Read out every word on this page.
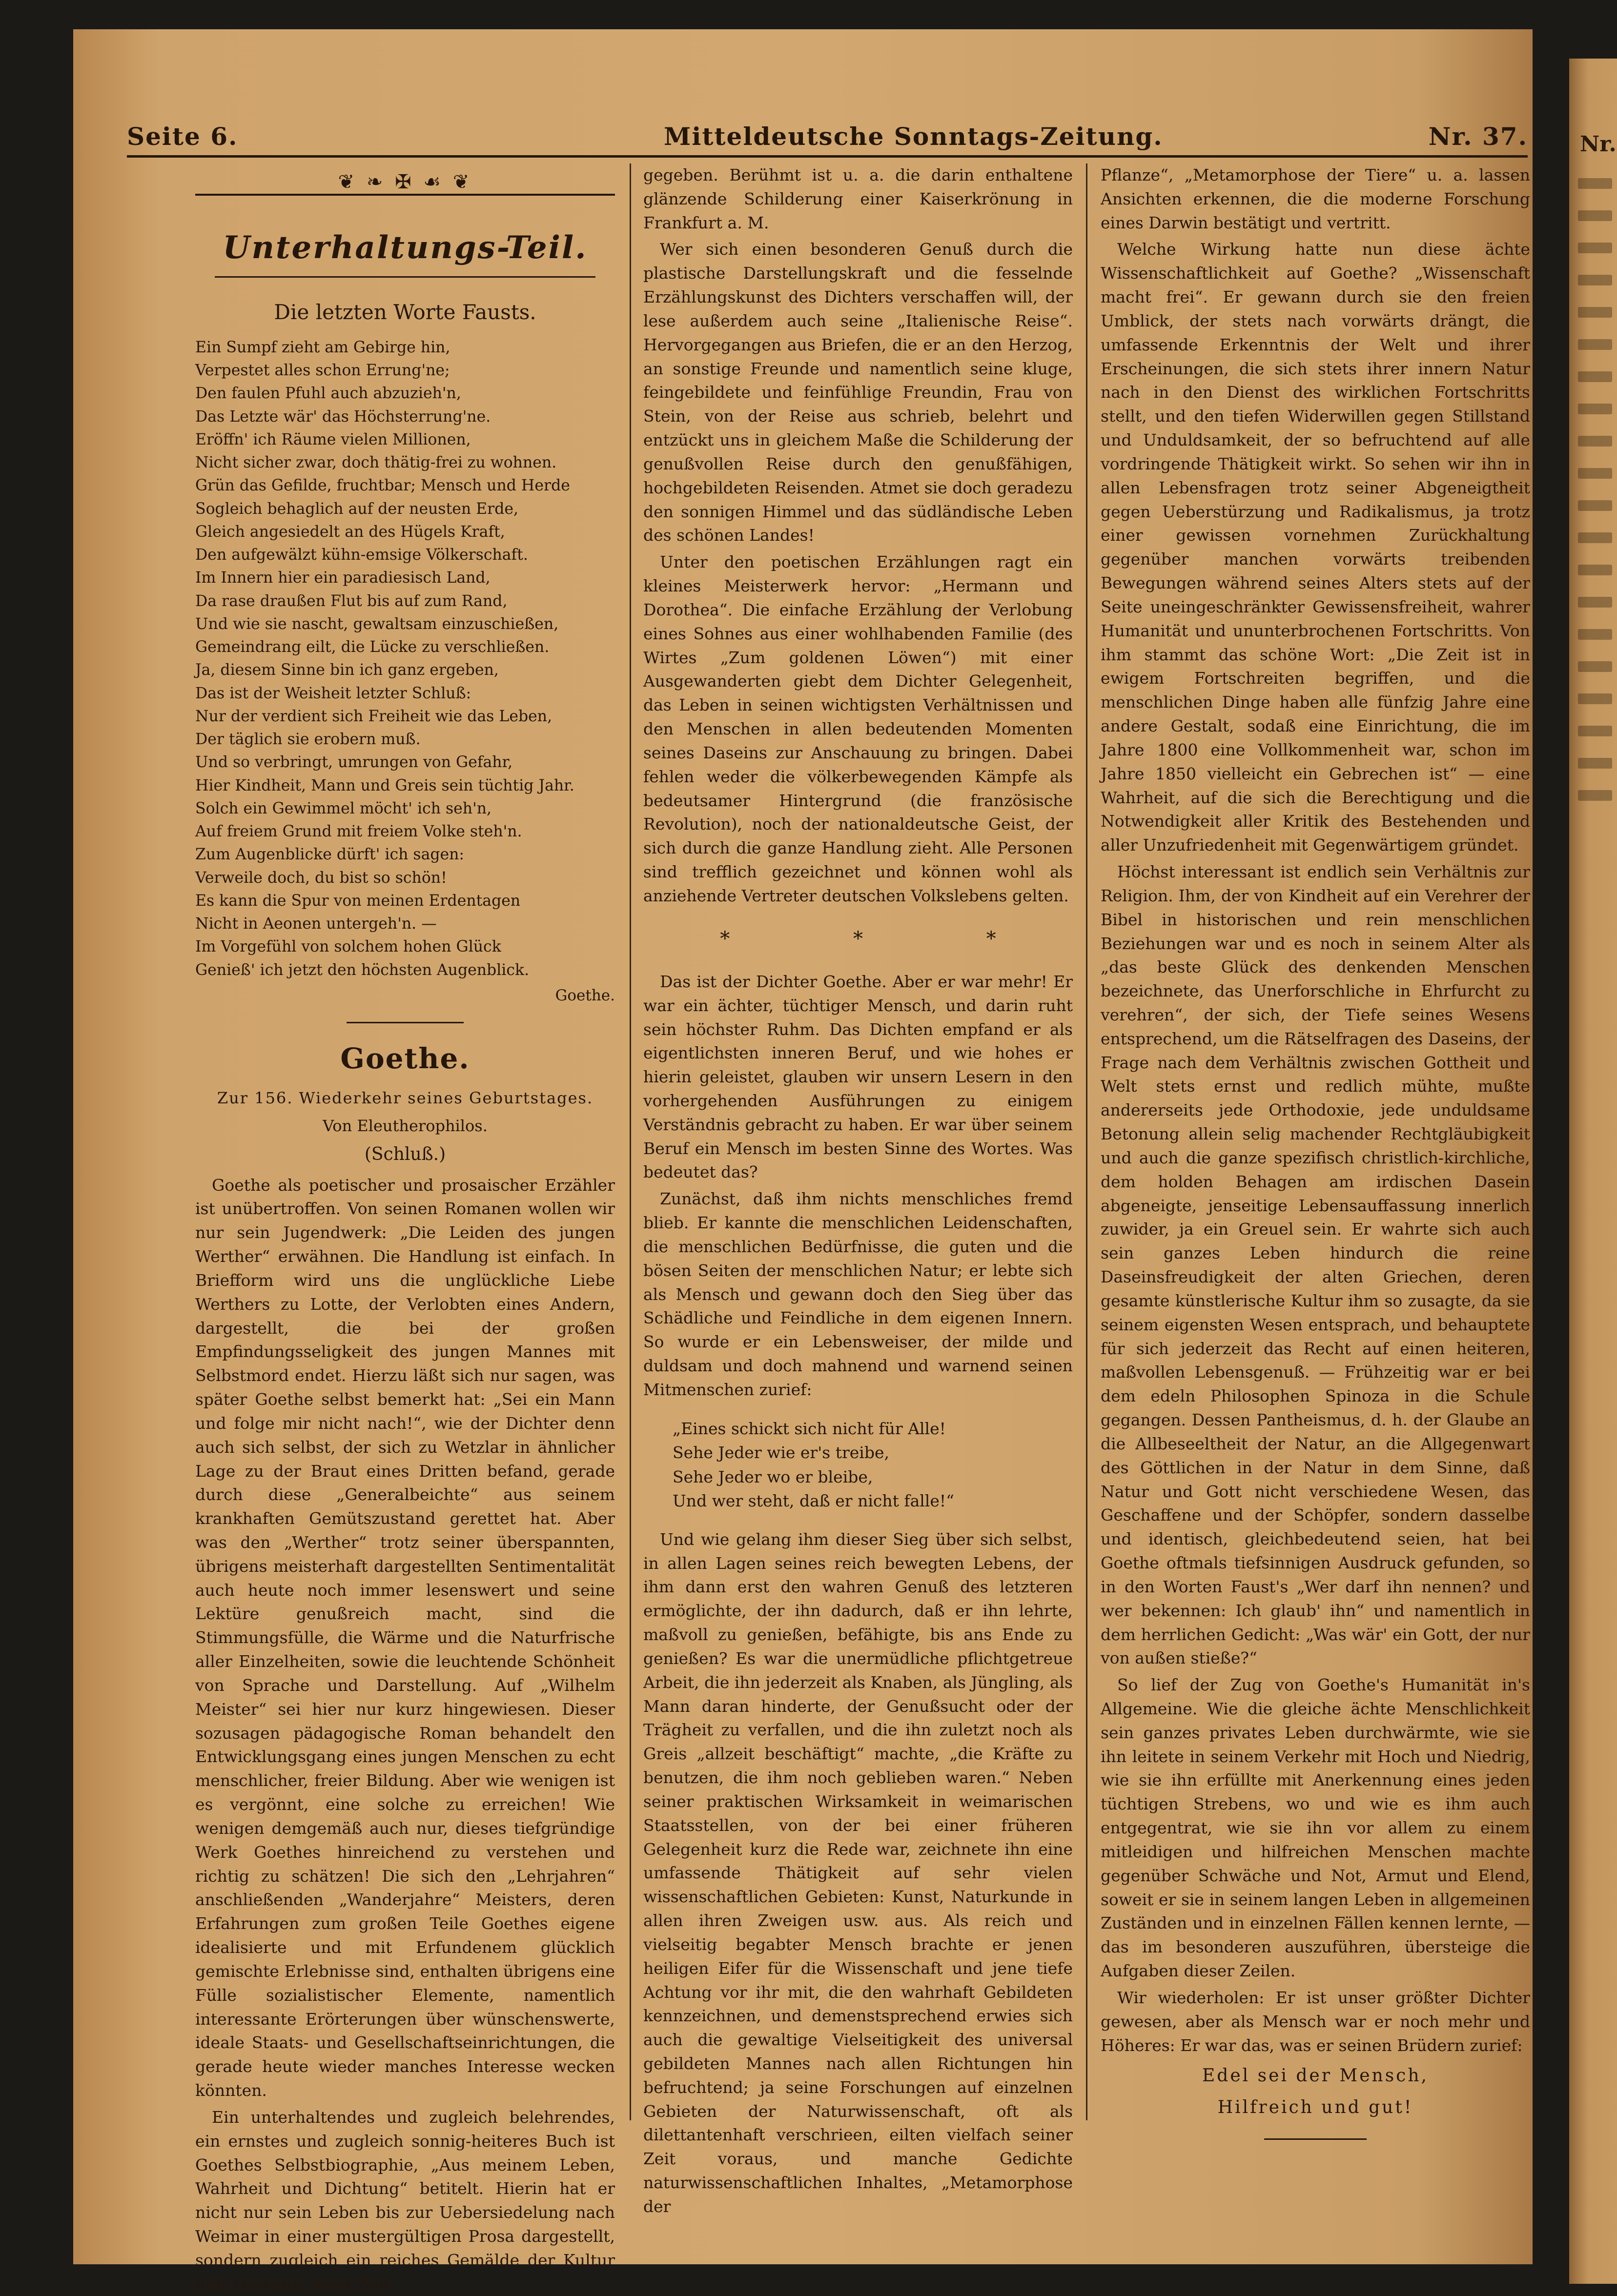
Nr.
Seite 6.	Mitteldeutsche Sonntags-Zeitung.	Nr. 37.
❦ ❧ ✠ ☙ ❦
Unterhaltungs-Teil.
Die letzten Worte Fausts.
Ein Sumpf zieht am Gebirge hin,
Verpestet alles schon Errung'ne;
Den faulen Pfuhl auch abzuzieh'n,
Das Letzte wär' das Höchsterrung'ne.
Eröffn' ich Räume vielen Millionen,
Nicht sicher zwar, doch thätig-frei zu wohnen.
Grün das Gefilde, fruchtbar; Mensch und Herde
Sogleich behaglich auf der neusten Erde,
Gleich angesiedelt an des Hügels Kraft,
Den aufgewälzt kühn-emsige Völkerschaft.
Im Innern hier ein paradiesisch Land,
Da rase draußen Flut bis auf zum Rand,
Und wie sie nascht, gewaltsam einzuschießen,
Gemeindrang eilt, die Lücke zu verschließen.
Ja, diesem Sinne bin ich ganz ergeben,
Das ist der Weisheit letzter Schluß:
Nur der verdient sich Freiheit wie das Leben,
Der täglich sie erobern muß.
Und so verbringt, umrungen von Gefahr,
Hier Kindheit, Mann und Greis sein tüchtig Jahr.
Solch ein Gewimmel möcht' ich seh'n,
Auf freiem Grund mit freiem Volke steh'n.
Zum Augenblicke dürft' ich sagen:
Verweile doch, du bist so schön!
Es kann die Spur von meinen Erdentagen
Nicht in Aeonen untergeh'n. —
Im Vorgefühl von solchem hohen Glück
Genieß' ich jetzt den höchsten Augenblick.
Goethe.
Goethe.
Zur 156. Wiederkehr seines Geburtstages.
Von Eleutherophilos.
(Schluß.)

Goethe als poetischer und prosaischer Erzähler ist unübertroffen. Von seinen Romanen wollen wir nur sein Jugendwerk: „Die Leiden des jungen Werther“ erwähnen. Die Handlung ist einfach. In Briefform wird uns die unglückliche Liebe Werthers zu Lotte, der Verlobten eines Andern, dargestellt, die bei der großen Empfindungsseligkeit des jungen Mannes mit Selbstmord endet. Hierzu läßt sich nur sagen, was später Goethe selbst bemerkt hat: „Sei ein Mann und folge mir nicht nach!“, wie der Dichter denn auch sich selbst, der sich zu Wetzlar in ähnlicher Lage zu der Braut eines Dritten befand, gerade durch diese „Generalbeichte“ aus seinem krankhaften Gemütszustand gerettet hat. Aber was den „Werther“ trotz seiner überspannten, übrigens meisterhaft dargestellten Sentimentalität auch heute noch immer lesenswert und seine Lektüre genußreich macht, sind die Stimmungsfülle, die Wärme und die Naturfrische aller Einzelheiten, sowie die leuchtende Schönheit von Sprache und Darstellung. Auf „Wilhelm Meister“ sei hier nur kurz hingewiesen. Dieser sozusagen pädagogische Roman behandelt den Entwicklungsgang eines jungen Menschen zu echt menschlicher, freier Bildung. Aber wie wenigen ist es vergönnt, eine solche zu erreichen! Wie wenigen demgemäß auch nur, dieses tiefgründige Werk Goethes hinreichend zu verstehen und richtig zu schätzen! Die sich den „Lehrjahren“ anschließenden „Wanderjahre“ Meisters, deren Erfahrungen zum großen Teile Goethes eigene idealisierte und mit Erfundenem glücklich gemischte Erlebnisse sind, enthalten übrigens eine Fülle sozialistischer Elemente, namentlich interessante Erörterungen über wünschenswerte, ideale Staats- und Gesellschaftseinrichtungen, die gerade heute wieder manches Interesse wecken könnten.

Ein unterhaltendes und zugleich belehrendes, ein ernstes und zugleich sonnig-heiteres Buch ist Goethes Selbstbiographie, „Aus meinem Leben, Wahrheit und Dichtung“ betitelt. Hierin hat er nicht nur sein Leben bis zur Uebersiedelung nach Weimar in einer mustergültigen Prosa dargestellt, sondern zugleich ein reiches Gemälde der Kultur und Literatur jener Zeit

gegeben. Berühmt ist u. a. die darin enthaltene glänzende Schilderung einer Kaiserkrönung in Frankfurt a. M.

Wer sich einen besonderen Genuß durch die plastische Darstellungskraft und die fesselnde Erzählungskunst des Dichters verschaffen will, der lese außerdem auch seine „Italienische Reise“. Hervorgegangen aus Briefen, die er an den Herzog, an sonstige Freunde und namentlich seine kluge, feingebildete und feinfühlige Freundin, Frau von Stein, von der Reise aus schrieb, belehrt und entzückt uns in gleichem Maße die Schilderung der genußvollen Reise durch den genußfähigen, hochgebildeten Reisenden. Atmet sie doch geradezu den sonnigen Himmel und das südländische Leben des schönen Landes!

Unter den poetischen Erzählungen ragt ein kleines Meisterwerk hervor: „Hermann und Dorothea“. Die einfache Erzählung der Verlobung eines Sohnes aus einer wohlhabenden Familie (des Wirtes „Zum goldenen Löwen“) mit einer Ausgewanderten giebt dem Dichter Gelegenheit, das Leben in seinen wichtigsten Verhältnissen und den Menschen in allen bedeutenden Momenten seines Daseins zur Anschauung zu bringen. Dabei fehlen weder die völkerbewegenden Kämpfe als bedeutsamer Hintergrund (die französische Revolution), noch der nationaldeutsche Geist, der sich durch die ganze Handlung zieht. Alle Personen sind trefflich gezeichnet und können wohl als anziehende Vertreter deutschen Volkslebens gelten.

* * *

Das ist der Dichter Goethe. Aber er war mehr! Er war ein ächter, tüchtiger Mensch, und darin ruht sein höchster Ruhm. Das Dichten empfand er als eigentlichsten inneren Beruf, und wie hohes er hierin geleistet, glauben wir unsern Lesern in den vorhergehenden Ausführungen zu einigem Verständnis gebracht zu haben. Er war über seinem Beruf ein Mensch im besten Sinne des Wortes. Was bedeutet das?

Zunächst, daß ihm nichts menschliches fremd blieb. Er kannte die menschlichen Leidenschaften, die menschlichen Bedürfnisse, die guten und die bösen Seiten der menschlichen Natur; er lebte sich als Mensch und gewann doch den Sieg über das Schädliche und Feindliche in dem eigenen Innern. So wurde er ein Lebensweiser, der milde und duldsam und doch mahnend und warnend seinen Mitmenschen zurief:

„Eines schickt sich nicht für Alle!
Sehe Jeder wie er's treibe,
Sehe Jeder wo er bleibe,
Und wer steht, daß er nicht falle!“

Und wie gelang ihm dieser Sieg über sich selbst, in allen Lagen seines reich bewegten Lebens, der ihm dann erst den wahren Genuß des letzteren ermöglichte, der ihn dadurch, daß er ihn lehrte, maßvoll zu genießen, befähigte, bis ans Ende zu genießen? Es war die unermüdliche pflichtgetreue Arbeit, die ihn jederzeit als Knaben, als Jüngling, als Mann daran hinderte, der Genußsucht oder der Trägheit zu verfallen, und die ihn zuletzt noch als Greis „allzeit beschäftigt“ machte, „die Kräfte zu benutzen, die ihm noch geblieben waren.“ Neben seiner praktischen Wirksamkeit in weimarischen Staatsstellen, von der bei einer früheren Gelegenheit kurz die Rede war, zeichnete ihn eine umfassende Thätigkeit auf sehr vielen wissenschaftlichen Gebieten: Kunst, Naturkunde in allen ihren Zweigen usw. aus. Als reich und vielseitig begabter Mensch brachte er jenen heiligen Eifer für die Wissenschaft und jene tiefe Achtung vor ihr mit, die den wahrhaft Gebildeten kennzeichnen, und demenstsprechend erwies sich auch die gewaltige Vielseitigkeit des universal gebildeten Mannes nach allen Richtungen hin befruchtend; ja seine Forschungen auf einzelnen Gebieten der Naturwissenschaft, oft als dilettantenhaft verschrieen, eilten vielfach seiner Zeit voraus, und manche Gedichte naturwissenschaftlichen Inhaltes, „Metamorphose der

Pflanze“, „Metamorphose der Tiere“ u. a. lassen Ansichten erkennen, die die moderne Forschung eines Darwin bestätigt und vertritt.

Welche Wirkung hatte nun diese ächte Wissenschaftlichkeit auf Goethe? „Wissenschaft macht frei“. Er gewann durch sie den freien Umblick, der stets nach vorwärts drängt, die umfassende Erkenntnis der Welt und ihrer Erscheinungen, die sich stets ihrer innern Natur nach in den Dienst des wirklichen Fortschritts stellt, und den tiefen Widerwillen gegen Stillstand und Unduldsamkeit, der so befruchtend auf alle vordringende Thätigkeit wirkt. So sehen wir ihn in allen Lebensfragen trotz seiner Abgeneigtheit gegen Ueberstürzung und Radikalismus, ja trotz einer gewissen vornehmen Zurückhaltung gegenüber manchen vorwärts treibenden Bewegungen während seines Alters stets auf der Seite uneingeschränkter Gewissensfreiheit, wahrer Humanität und ununterbrochenen Fortschritts. Von ihm stammt das schöne Wort: „Die Zeit ist in ewigem Fortschreiten begriffen, und die menschlichen Dinge haben alle fünfzig Jahre eine andere Gestalt, sodaß eine Einrichtung, die im Jahre 1800 eine Vollkommenheit war, schon im Jahre 1850 vielleicht ein Gebrechen ist“ — eine Wahrheit, auf die sich die Berechtigung und die Notwendigkeit aller Kritik des Bestehenden und aller Unzufriedenheit mit Gegenwärtigem gründet.

Höchst interessant ist endlich sein Verhältnis zur Religion. Ihm, der von Kindheit auf ein Verehrer der Bibel in historischen und rein menschlichen Beziehungen war und es noch in seinem Alter als „das beste Glück des denkenden Menschen bezeichnete, das Unerforschliche in Ehrfurcht zu verehren“, der sich, der Tiefe seines Wesens entsprechend, um die Rätselfragen des Daseins, der Frage nach dem Verhältnis zwischen Gottheit und Welt stets ernst und redlich mühte, mußte andererseits jede Orthodoxie, jede unduldsame Betonung allein selig machender Rechtgläubigkeit und auch die ganze spezifisch christlich-kirchliche, dem holden Behagen am irdischen Dasein abgeneigte, jenseitige Lebensauffassung innerlich zuwider, ja ein Greuel sein. Er wahrte sich auch sein ganzes Leben hindurch die reine Daseinsfreudigkeit der alten Griechen, deren gesamte künstlerische Kultur ihm so zusagte, da sie seinem eigensten Wesen entsprach, und behauptete für sich jederzeit das Recht auf einen heiteren, maßvollen Lebensgenuß. — Frühzeitig war er bei dem edeln Philosophen Spinoza in die Schule gegangen. Dessen Pantheismus, d. h. der Glaube an die Allbeseeltheit der Natur, an die Allgegenwart des Göttlichen in der Natur in dem Sinne, daß Natur und Gott nicht verschiedene Wesen, das Geschaffene und der Schöpfer, sondern dasselbe und identisch, gleichbedeutend seien, hat bei Goethe oftmals tiefsinnigen Ausdruck gefunden, so in den Worten Faust's „Wer darf ihn nennen? und wer bekennen: Ich glaub' ihn“ und namentlich in dem herrlichen Gedicht: „Was wär' ein Gott, der nur von außen stieße?“

So lief der Zug von Goethe's Humanität in's Allgemeine. Wie die gleiche ächte Menschlichkeit sein ganzes privates Leben durchwärmte, wie sie ihn leitete in seinem Verkehr mit Hoch und Niedrig, wie sie ihn erfüllte mit Anerkennung eines jeden tüchtigen Strebens, wo und wie es ihm auch entgegentrat, wie sie ihn vor allem zu einem mitleidigen und hilfreichen Menschen machte gegenüber Schwäche und Not, Armut und Elend, soweit er sie in seinem langen Leben in allgemeinen Zuständen und in einzelnen Fällen kennen lernte, — das im besonderen auszuführen, übersteige die Aufgaben dieser Zeilen.

Wir wiederholen: Er ist unser größter Dichter gewesen, aber als Mensch war er noch mehr und Höheres: Er war das, was er seinen Brüdern zurief:

Edel sei der Mensch,
Hilfreich und gut!
